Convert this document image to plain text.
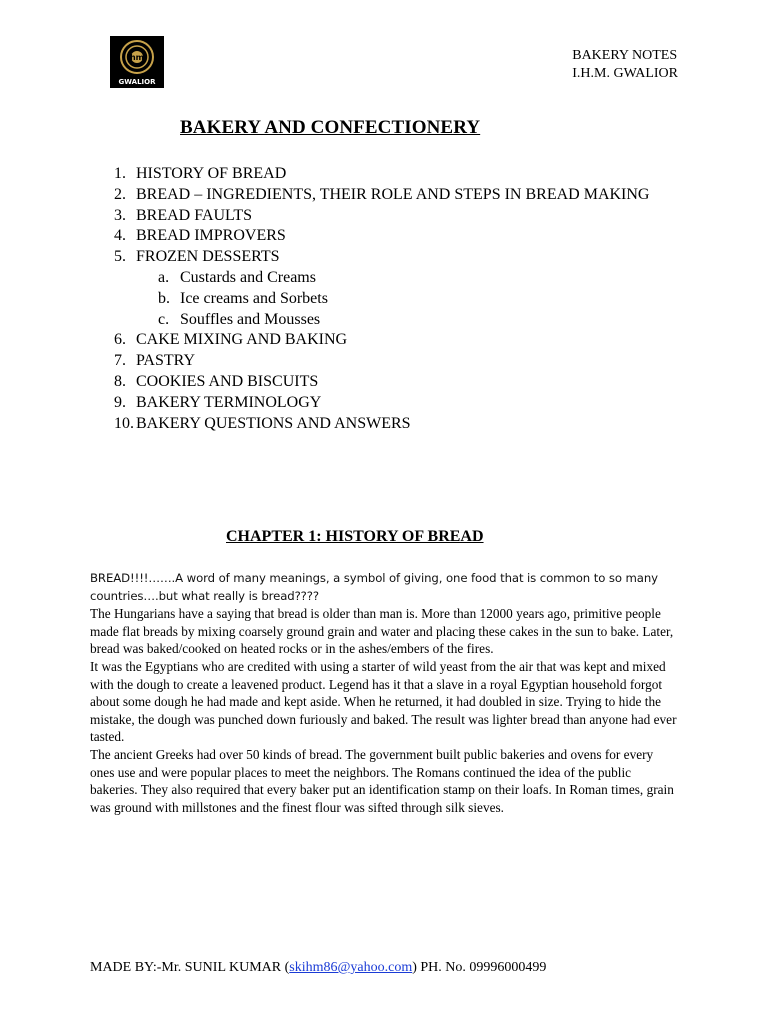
hm
GWALIOR
BAKERY NOTES
I.H.M. GWALIOR
BAKERY AND CONFECTIONERY
1. HISTORY OF BREAD
2. BREAD – INGREDIENTS, THEIR ROLE AND STEPS IN BREAD MAKING
3. BREAD FAULTS
4. BREAD IMPROVERS
5. FROZEN DESSERTS
a. Custards and Creams
b. Ice creams and Sorbets
c. Souffles and Mousses
6. CAKE MIXING AND BAKING
7. PASTRY
8. COOKIES AND BISCUITS
9. BAKERY TERMINOLOGY
10. BAKERY QUESTIONS AND ANSWERS
CHAPTER 1: HISTORY OF BREAD

BREAD!!!!…….A word of many meanings, a symbol of giving, one food that is common to so many countries….but what really is bread????

The Hungarians have a saying that bread is older than man is. More than 12000 years ago, primitive people made flat breads by mixing coarsely ground grain and water and placing these cakes in the sun to bake. Later, bread was baked/cooked on heated rocks or in the ashes/embers of the fires.

It was the Egyptians who are credited with using a starter of wild yeast from the air that was kept and mixed with the dough to create a leavened product. Legend has it that a slave in a royal Egyptian household forgot about some dough he had made and kept aside. When he returned, it had doubled in size. Trying to hide the mistake, the dough was punched down furiously and baked. The result was lighter bread than anyone had ever tasted.

The ancient Greeks had over 50 kinds of bread. The government built public bakeries and ovens for every ones use and were popular places to meet the neighbors. The Romans continued the idea of the public bakeries. They also required that every baker put an identification stamp on their loafs. In Roman times, grain was ground with millstones and the finest flour was sifted through silk sieves.

MADE BY:-Mr. SUNIL KUMAR (skihm86@yahoo.com) PH. No. 09996000499
